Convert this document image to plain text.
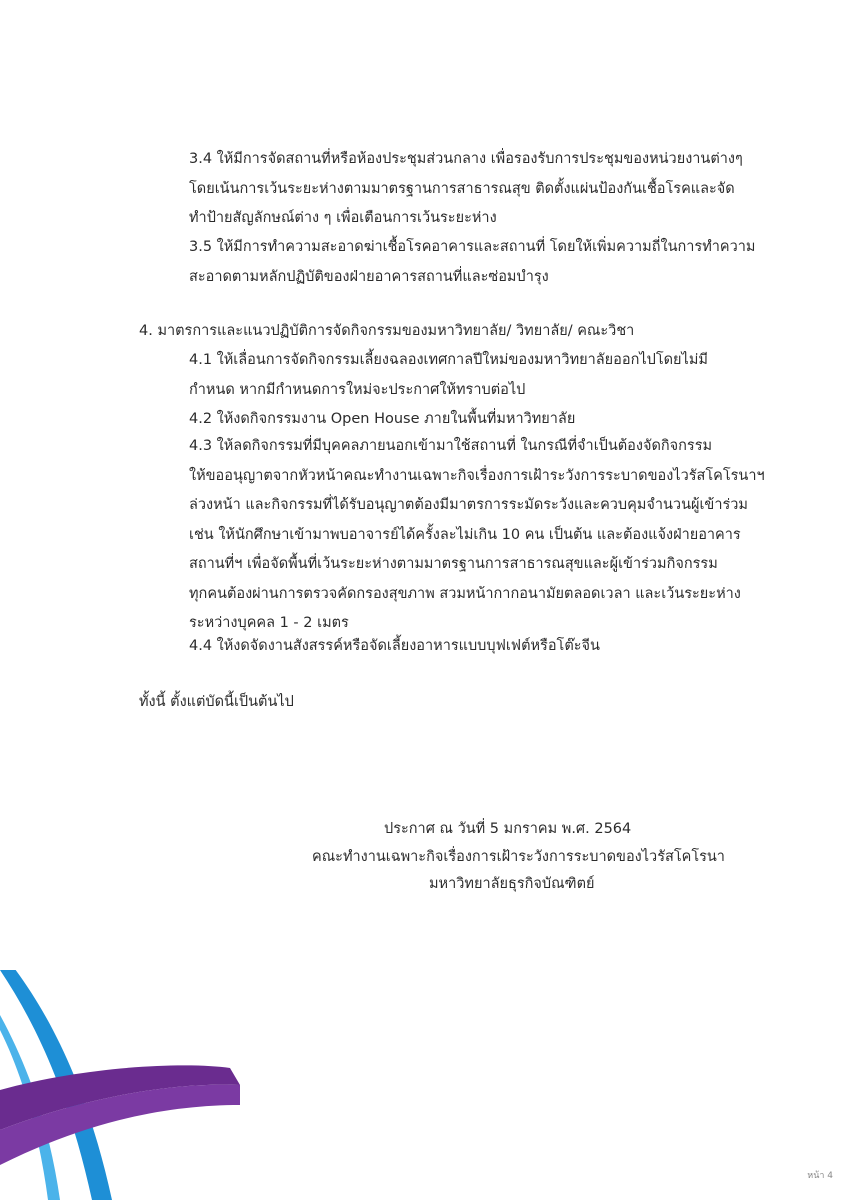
3.4 ให้มีการจัดสถานที่หรือห้องประชุมส่วนกลาง เพื่อรองรับการประชุมของหน่วยงานต่างๆ
โดยเน้นการเว้นระยะห่างตามมาตรฐานการสาธารณสุข ติดตั้งแผ่นป้องกันเชื้อโรคและจัด
ทำป้ายสัญลักษณ์ต่าง ๆ เพื่อเตือนการเว้นระยะห่าง
3.5 ให้มีการทำความสะอาดฆ่าเชื้อโรคอาคารและสถานที่ โดยให้เพิ่มความถี่ในการทำความ
สะอาดตามหลักปฏิบัติของฝ่ายอาคารสถานที่และซ่อมบำรุง
4. มาตรการและแนวปฏิบัติการจัดกิจกรรมของมหาวิทยาลัย/ วิทยาลัย/ คณะวิชา
4.1 ให้เลื่อนการจัดกิจกรรมเลี้ยงฉลองเทศกาลปีใหม่ของมหาวิทยาลัยออกไปโดยไม่มี
กำหนด หากมีกำหนดการใหม่จะประกาศให้ทราบต่อไป
4.2 ให้งดกิจกรรมงาน Open House ภายในพื้นที่มหาวิทยาลัย
4.3 ให้ลดกิจกรรมที่มีบุคคลภายนอกเข้ามาใช้สถานที่ ในกรณีที่จำเป็นต้องจัดกิจกรรม
ให้ขออนุญาตจากหัวหน้าคณะทำงานเฉพาะกิจเรื่องการเฝ้าระวังการระบาดของไวรัสโคโรนาฯ
ล่วงหน้า และกิจกรรมที่ได้รับอนุญาตต้องมีมาตรการระมัดระวังและควบคุมจำนวนผู้เข้าร่วม
เช่น ให้นักศึกษาเข้ามาพบอาจารย์ได้ครั้งละไม่เกิน 10 คน เป็นต้น และต้องแจ้งฝ่ายอาคาร
สถานที่ฯ เพื่อจัดพื้นที่เว้นระยะห่างตามมาตรฐานการสาธารณสุขและผู้เข้าร่วมกิจกรรม
ทุกคนต้องผ่านการตรวจคัดกรองสุขภาพ สวมหน้ากากอนามัยตลอดเวลา และเว้นระยะห่าง
ระหว่างบุคคล 1 - 2 เมตร
4.4 ให้งดจัดงานสังสรรค์หรือจัดเลี้ยงอาหารแบบบุฟเฟต์หรือโต๊ะจีน
ทั้งนี้ ตั้งแต่บัดนี้เป็นต้นไป
ประกาศ ณ วันที่ 5 มกราคม พ.ศ. 2564
คณะทำงานเฉพาะกิจเรื่องการเฝ้าระวังการระบาดของไวรัสโคโรนา
มหาวิทยาลัยธุรกิจบัณฑิตย์
หน้า 4
